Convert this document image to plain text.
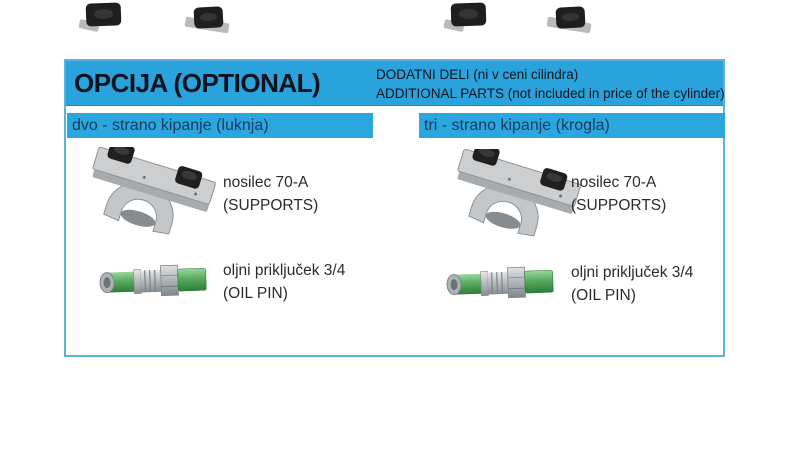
OPCIJA (OPTIONAL)	DODATNI DELI (ni v ceni cilindra)
ADDITIONAL PARTS (not included in price of the cylinder)
dvo - strano kipanje (luknja)	tri - strano kipanje (krogla)
nosilec 70-A
(SUPPORTS)
oljni priključek 3/4
(OIL PIN)
nosilec 70-A
(SUPPORTS)
oljni priključek 3/4
(OIL PIN)
